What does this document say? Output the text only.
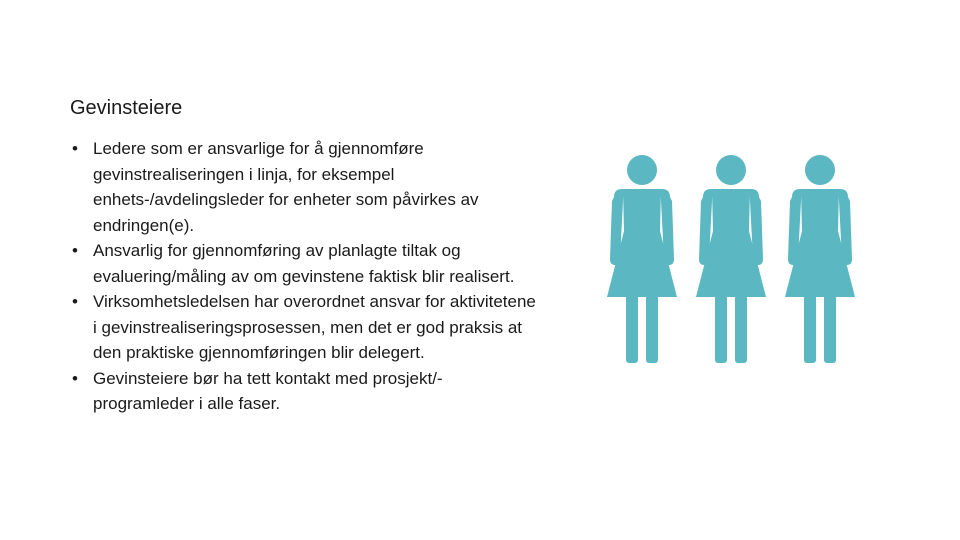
Gevinsteiere
• Ledere som er ansvarlige for å gjennomføre gevinstrealiseringen i linja, for eksempel enhets-/avdelingsleder for enheter som påvirkes av endringen(e).
• Ansvarlig for gjennomføring av planlagte tiltak og evaluering/måling av om gevinstene faktisk blir realisert.
• Virksomhetsledelsen har overordnet ansvar for aktivitetene i gevinstrealiseringsprosessen, men det er god praksis at den praktiske gjennomføringen blir delegert.
• Gevinsteiere bør ha tett kontakt med prosjekt/-programleder i alle faser.
